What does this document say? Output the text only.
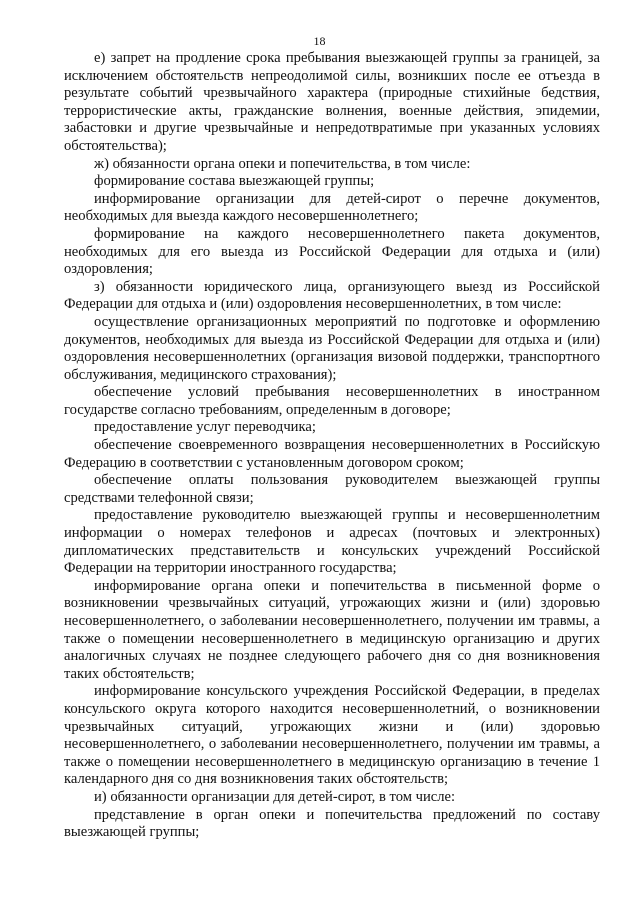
18

е) запрет на продление срока пребывания выезжающей группы за границей, за исключением обстоятельств непреодолимой силы, возникших после ее отъезда в результате событий чрезвычайного характера (природные стихийные бедствия, террористические акты, гражданские волнения, военные действия, эпидемии, забастовки и другие чрезвычайные и непредотвратимые при указанных условиях обстоятельства);

ж) обязанности органа опеки и попечительства, в том числе:

формирование состава выезжающей группы;

информирование организации для детей-сирот о перечне документов, необходимых для выезда каждого несовершеннолетнего;

формирование на каждого несовершеннолетнего пакета документов, необходимых для его выезда из Российской Федерации для отдыха и (или) оздоровления;

з) обязанности юридического лица, организующего выезд из Российской Федерации для отдыха и (или) оздоровления несовершеннолетних, в том числе:

осуществление организационных мероприятий по подготовке и оформлению документов, необходимых для выезда из Российской Федерации для отдыха и (или) оздоровления несовершеннолетних (организация визовой поддержки, транспортного обслуживания, медицинского страхования);

обеспечение условий пребывания несовершеннолетних в иностранном государстве согласно требованиям, определенным в договоре;

предоставление услуг переводчика;

обеспечение своевременного возвращения несовершеннолетних в Российскую Федерацию в соответствии с установленным договором сроком;

обеспечение оплаты пользования руководителем выезжающей группы средствами телефонной связи;

предоставление руководителю выезжающей группы и несовершеннолетним информации о номерах телефонов и адресах (почтовых и электронных) дипломатических представительств и консульских учреждений Российской Федерации на территории иностранного государства;

информирование органа опеки и попечительства в письменной форме о возникновении чрезвычайных ситуаций, угрожающих жизни и (или) здоровью несовершеннолетнего, о заболевании несовершеннолетнего, получении им травмы, а также о помещении несовершеннолетнего в медицинскую организацию и других аналогичных случаях не позднее следующего рабочего дня со дня возникновения таких обстоятельств;

информирование консульского учреждения Российской Федерации, в пределах консульского округа которого находится несовершеннолетний, о возникновении чрезвычайных ситуаций, угрожающих жизни и (или) здоровью несовершеннолетнего, о заболевании несовершеннолетнего, получении им травмы, а также о помещении несовершеннолетнего в медицинскую организацию в течение 1 календарного дня со дня возникновения таких обстоятельств;

и) обязанности организации для детей-сирот, в том числе:

представление в орган опеки и попечительства предложений по составу выезжающей группы;
